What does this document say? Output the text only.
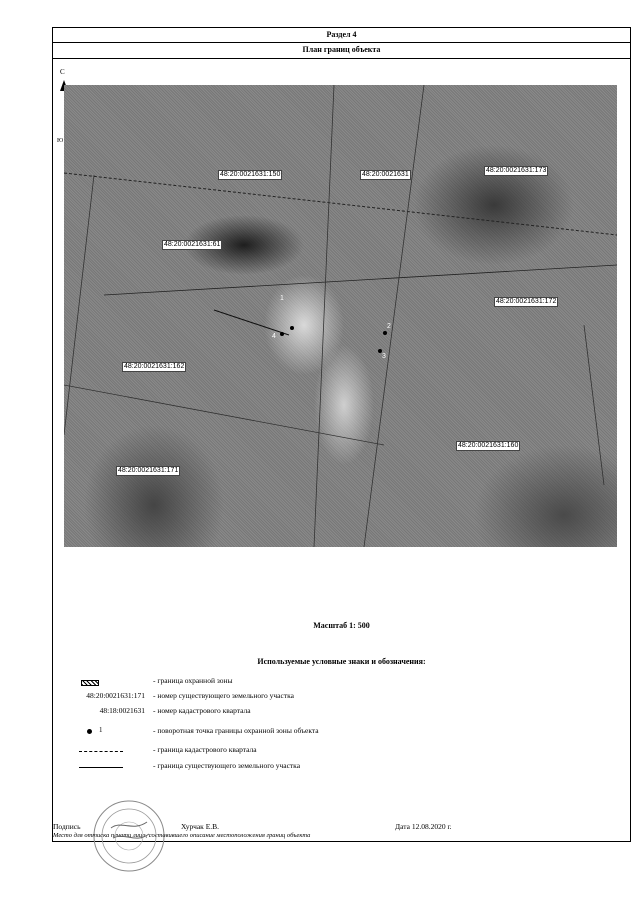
Раздел 4
План границ объекта
С
Ю
1
2
3
4
48:20:0021631:150	48:20:0021631
48:20:0021631:173
48:20:0021631:61
48:20:0021631:172
48:20:0021631:162
48:20:0021631:160
48:20:0021631:171
Масштаб 1: 500
Используемые условные знаки и обозначения:
- граница охранной зоны
48:20:0021631:171 - номер существующего земельного участка
48:18:0021631 - номер кадастрового квартала
1	- поворотная точка границы охранной зоны объекта
- граница кадастрового квартала
- граница существующего земельного участка
Подпись	Хурчак Е.В.	Дата 12.08.2020 г.
Место для оттиска печати лица, составившего описание местоположения границ объекта
